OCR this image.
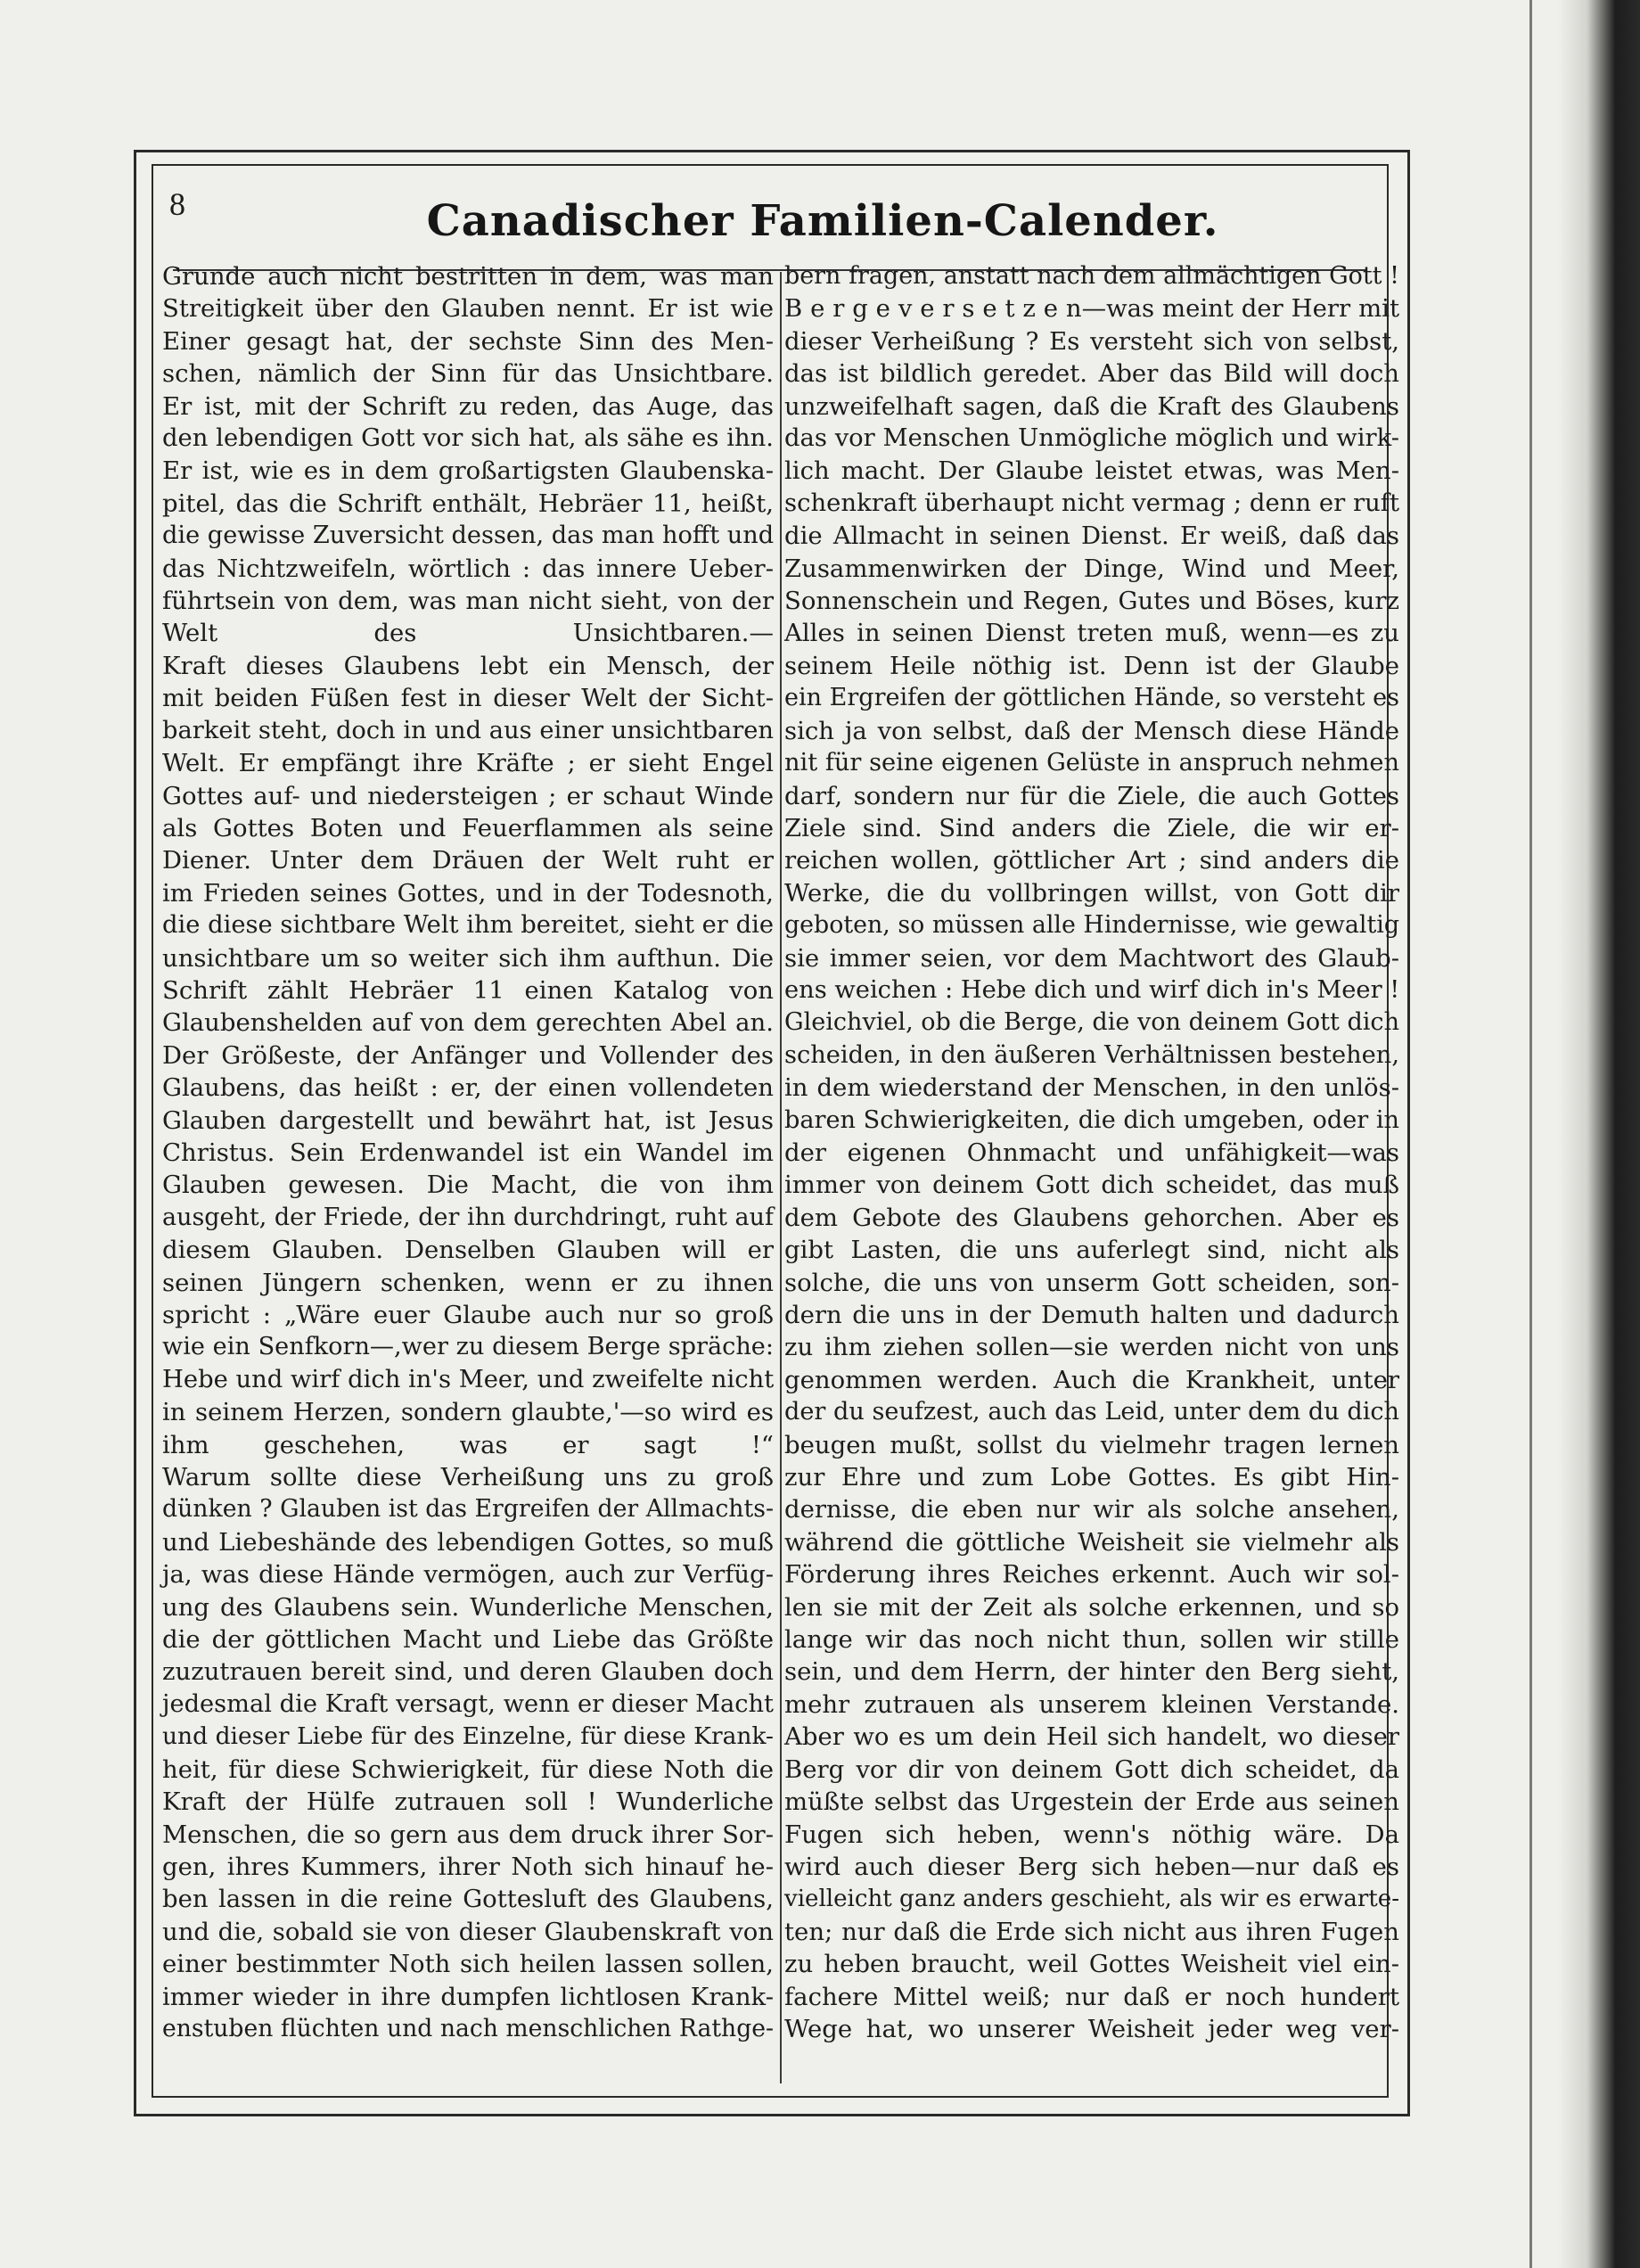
8	Canadischer Familien-Calender.
Grunde auch nicht bestritten in dem, was man
Streitigkeit über den Glauben nennt. Er ist wie
Einer gesagt hat, der sechste Sinn des Men-
schen, nämlich der Sinn für das Unsichtbare.
Er ist, mit der Schrift zu reden, das Auge, das
den lebendigen Gott vor sich hat, als sähe es ihn.
Er ist, wie es in dem großartigsten Glaubenska-
pitel, das die Schrift enthält, Hebräer 11, heißt,
die gewisse Zuversicht dessen, das man hofft und
das Nichtzweifeln, wörtlich : das innere Ueber-
führtsein von dem, was man nicht sieht, von der
Welt des Unsichtbaren.—
Kraft dieses Glaubens lebt ein Mensch, der
mit beiden Füßen fest in dieser Welt der Sicht-
barkeit steht, doch in und aus einer unsichtbaren
Welt. Er empfängt ihre Kräfte ; er sieht Engel
Gottes auf- und niedersteigen ; er schaut Winde
als Gottes Boten und Feuerflammen als seine
Diener. Unter dem Dräuen der Welt ruht er
im Frieden seines Gottes, und in der Todesnoth,
die diese sichtbare Welt ihm bereitet, sieht er die
unsichtbare um so weiter sich ihm aufthun. Die
Schrift zählt Hebräer 11 einen Katalog von
Glaubenshelden auf von dem gerechten Abel an.
Der Größeste, der Anfänger und Vollender des
Glaubens, das heißt : er, der einen vollendeten
Glauben dargestellt und bewährt hat, ist Jesus
Christus. Sein Erdenwandel ist ein Wandel im
Glauben gewesen. Die Macht, die von ihm
ausgeht, der Friede, der ihn durchdringt, ruht auf
diesem Glauben. Denselben Glauben will er
seinen Jüngern schenken, wenn er zu ihnen
spricht : „Wäre euer Glaube auch nur so groß
wie ein Senfkorn—,wer zu diesem Berge spräche:
Hebe und wirf dich in's Meer, und zweifelte nicht
in seinem Herzen, sondern glaubte,'—so wird es
ihm geschehen, was er sagt !“
Warum sollte diese Verheißung uns zu groß
dünken ? Glauben ist das Ergreifen der Allmachts-
und Liebeshände des lebendigen Gottes, so muß
ja, was diese Hände vermögen, auch zur Verfüg-
ung des Glaubens sein. Wunderliche Menschen,
die der göttlichen Macht und Liebe das Größte
zuzutrauen bereit sind, und deren Glauben doch
jedesmal die Kraft versagt, wenn er dieser Macht
und dieser Liebe für des Einzelne, für diese Krank-
heit, für diese Schwierigkeit, für diese Noth die
Kraft der Hülfe zutrauen soll ! Wunderliche
Menschen, die so gern aus dem druck ihrer Sor-
gen, ihres Kummers, ihrer Noth sich hinauf he-
ben lassen in die reine Gottesluft des Glaubens,
und die, sobald sie von dieser Glaubenskraft von
einer bestimmter Noth sich heilen lassen sollen,
immer wieder in ihre dumpfen lichtlosen Krank-
enstuben flüchten und nach menschlichen Rathge-
bern fragen, anstatt nach dem allmächtigen Gott !
B e r g e v e r s e t z e n—was meint der Herr mit
dieser Verheißung ? Es versteht sich von selbst,
das ist bildlich geredet. Aber das Bild will doch
unzweifelhaft sagen, daß die Kraft des Glaubens
das vor Menschen Unmögliche möglich und wirk-
lich macht. Der Glaube leistet etwas, was Men-
schenkraft überhaupt nicht vermag ; denn er ruft
die Allmacht in seinen Dienst. Er weiß, daß das
Zusammenwirken der Dinge, Wind und Meer,
Sonnenschein und Regen, Gutes und Böses, kurz
Alles in seinen Dienst treten muß, wenn—es zu
seinem Heile nöthig ist. Denn ist der Glaube
ein Ergreifen der göttlichen Hände, so versteht es
sich ja von selbst, daß der Mensch diese Hände
nit für seine eigenen Gelüste in anspruch nehmen
darf, sondern nur für die Ziele, die auch Gottes
Ziele sind. Sind anders die Ziele, die wir er-
reichen wollen, göttlicher Art ; sind anders die
Werke, die du vollbringen willst, von Gott dir
geboten, so müssen alle Hindernisse, wie gewaltig
sie immer seien, vor dem Machtwort des Glaub-
ens weichen : Hebe dich und wirf dich in's Meer !
Gleichviel, ob die Berge, die von deinem Gott dich
scheiden, in den äußeren Verhältnissen bestehen,
in dem wiederstand der Menschen, in den unlös-
baren Schwierigkeiten, die dich umgeben, oder in
der eigenen Ohnmacht und unfähigkeit—was
immer von deinem Gott dich scheidet, das muß
dem Gebote des Glaubens gehorchen. Aber es
gibt Lasten, die uns auferlegt sind, nicht als
solche, die uns von unserm Gott scheiden, son-
dern die uns in der Demuth halten und dadurch
zu ihm ziehen sollen—sie werden nicht von uns
genommen werden. Auch die Krankheit, unter
der du seufzest, auch das Leid, unter dem du dich
beugen mußt, sollst du vielmehr tragen lernen
zur Ehre und zum Lobe Gottes. Es gibt Hin-
dernisse, die eben nur wir als solche ansehen,
während die göttliche Weisheit sie vielmehr als
Förderung ihres Reiches erkennt. Auch wir sol-
len sie mit der Zeit als solche erkennen, und so
lange wir das noch nicht thun, sollen wir stille
sein, und dem Herrn, der hinter den Berg sieht,
mehr zutrauen als unserem kleinen Verstande.
Aber wo es um dein Heil sich handelt, wo dieser
Berg vor dir von deinem Gott dich scheidet, da
müßte selbst das Urgestein der Erde aus seinen
Fugen sich heben, wenn's nöthig wäre. Da
wird auch dieser Berg sich heben—nur daß es
vielleicht ganz anders geschieht, als wir es erwarte-
ten; nur daß die Erde sich nicht aus ihren Fugen
zu heben braucht, weil Gottes Weisheit viel ein-
fachere Mittel weiß; nur daß er noch hundert
Wege hat, wo unserer Weisheit jeder weg ver-
